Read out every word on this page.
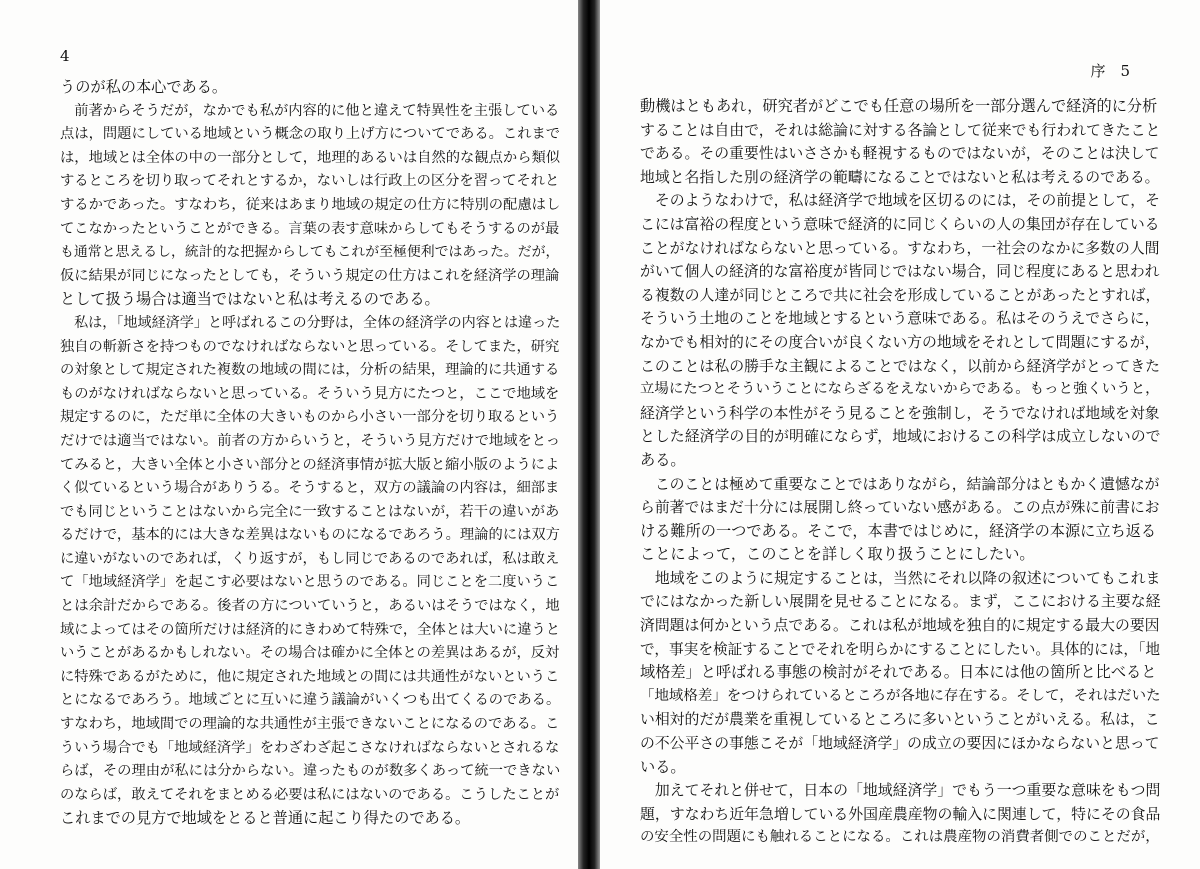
4
うのが私の本心である。
　前著からそうだが，なかでも私が内容的に他と違えて特異性を主張している
点は，問題にしている地域という概念の取り上げ方についてである。これまで
は，地域とは全体の中の一部分として，地理的あるいは自然的な観点から類似
するところを切り取ってそれとするか，ないしは行政上の区分を習ってそれと
するかであった。すなわち，従来はあまり地域の規定の仕方に特別の配慮はし
てこなかったということができる。言葉の表す意味からしてもそうするのが最
も通常と思えるし，統計的な把握からしてもこれが至極便利ではあった。だが，
仮に結果が同じになったとしても，そういう規定の仕方はこれを経済学の理論
として扱う場合は適当ではないと私は考えるのである。
　私は，「地域経済学」と呼ばれるこの分野は，全体の経済学の内容とは違った
独自の斬新さを持つものでなければならないと思っている。そしてまた，研究
の対象として規定された複数の地域の間には，分析の結果，理論的に共通する
ものがなければならないと思っている。そういう見方にたつと，ここで地域を
規定するのに，ただ単に全体の大きいものから小さい一部分を切り取るという
だけでは適当ではない。前者の方からいうと，そういう見方だけで地域をとっ
てみると，大きい全体と小さい部分との経済事情が拡大版と縮小版のようによ
く似ているという場合がありうる。そうすると，双方の議論の内容は，細部ま
でも同じということはないから完全に一致することはないが，若干の違いがあ
るだけで，基本的には大きな差異はないものになるであろう。理論的には双方
に違いがないのであれば，くり返すが，もし同じであるのであれば，私は敢え
て「地域経済学」を起こす必要はないと思うのである。同じことを二度いうこ
とは余計だからである。後者の方についていうと，あるいはそうではなく，地
域によってはその箇所だけは経済的にきわめて特殊で，全体とは大いに違うと
いうことがあるかもしれない。その場合は確かに全体との差異はあるが，反対
に特殊であるがために，他に規定された地域との間には共通性がないというこ
とになるであろう。地域ごとに互いに違う議論がいくつも出てくるのである。
すなわち，地域間での理論的な共通性が主張できないことになるのである。こ
ういう場合でも「地域経済学」をわざわざ起こさなければならないとされるな
らば，その理由が私には分からない。違ったものが数多くあって統一できない
のならば，敢えてそれをまとめる必要は私にはないのである。こうしたことが
これまでの見方で地域をとると普通に起こり得たのである。
序　5
動機はともあれ，研究者がどこでも任意の場所を一部分選んで経済的に分析
することは自由で，それは総論に対する各論として従来でも行われてきたこと
である。その重要性はいささかも軽視するものではないが，そのことは決して
地域と名指した別の経済学の範疇になることではないと私は考えるのである。
　そのようなわけで，私は経済学で地域を区切るのには，その前提として，そ
こには富裕の程度という意味で経済的に同じくらいの人の集団が存在している
ことがなければならないと思っている。すなわち，一社会のなかに多数の人間
がいて個人の経済的な富裕度が皆同じではない場合，同じ程度にあると思われ
る複数の人達が同じところで共に社会を形成していることがあったとすれば，
そういう土地のことを地域とするという意味である。私はそのうえでさらに，
なかでも相対的にその度合いが良くない方の地域をそれとして問題にするが，
このことは私の勝手な主観によることではなく，以前から経済学がとってきた
立場にたつとそういうことにならざるをえないからである。もっと強くいうと，
経済学という科学の本性がそう見ることを強制し，そうでなければ地域を対象
とした経済学の目的が明確にならず，地域におけるこの科学は成立しないので
ある。
　このことは極めて重要なことではありながら，結論部分はともかく遺憾なが
ら前著ではまだ十分には展開し終っていない感がある。この点が殊に前書にお
ける難所の一つである。そこで，本書ではじめに，経済学の本源に立ち返る
ことによって，このことを詳しく取り扱うことにしたい。
　地域をこのように規定することは，当然にそれ以降の叙述についてもこれま
でにはなかった新しい展開を見せることになる。まず，ここにおける主要な経
済問題は何かという点である。これは私が地域を独自的に規定する最大の要因
で，事実を検証することでそれを明らかにすることにしたい。具体的には，「地
域格差」と呼ばれる事態の検討がそれである。日本には他の箇所と比べると
「地域格差」をつけられているところが各地に存在する。そして，それはだいた
い相対的だが農業を重視しているところに多いということがいえる。私は，こ
の不公平さの事態こそが「地域経済学」の成立の要因にほかならないと思って
いる。
　加えてそれと併せて，日本の「地域経済学」でもう一つ重要な意味をもつ問
題，すなわち近年急増している外国産農産物の輸入に関連して，特にその食品
の安全性の問題にも触れることになる。これは農産物の消費者側でのことだが，
